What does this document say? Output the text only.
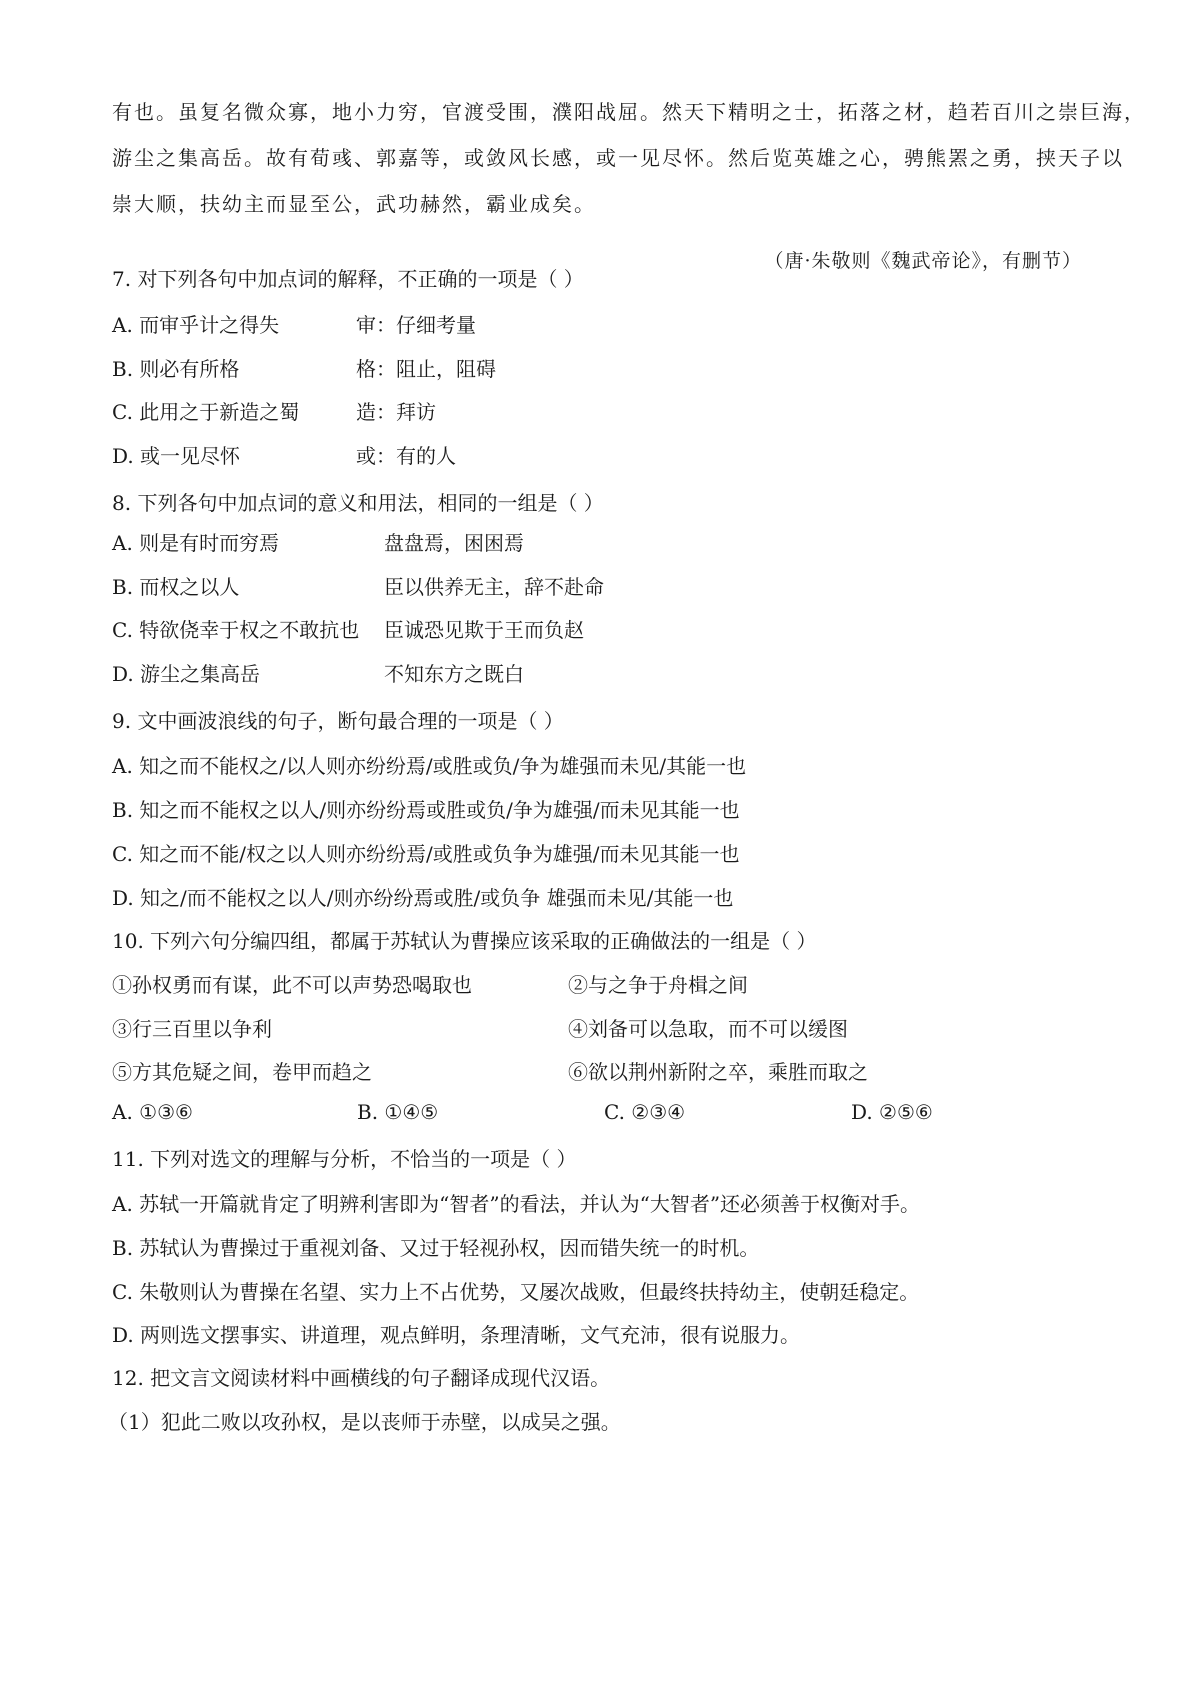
有也。虽复名微众寡，地小力穷，官渡受围，濮阳战屈。然天下精明之士，拓落之材，趋若百川之崇巨海，
游尘之集高岳。故有荀彧、郭嘉等，或敛风长感，或一见尽怀。然后览英雄之心，骋熊罴之勇，挟天子以
崇大顺，扶幼主而显至公，武功赫然，霸业成矣。
（唐·朱敬则《魏武帝论》，有删节）
7. 对下列各句中加点词的解释，不正确的一项是（ ）
A. 而审乎计之得失	审：仔细考量
B. 则必有所格	格：阻止，阻碍
C. 此用之于新造之蜀	造：拜访
D. 或一见尽怀	或：有的人
8. 下列各句中加点词的意义和用法，相同的一组是（ ）
A. 则是有时而穷焉	盘盘焉，困困焉
B. 而权之以人	臣以供养无主，辞不赴命
C. 特欲侥幸于权之不敢抗也 臣诚恐见欺于王而负赵
D. 游尘之集高岳	不知东方之既白
9. 文中画波浪线的句子，断句最合理的一项是（ ）
A. 知之而不能权之/以人则亦纷纷焉/或胜或负/争为雄强而未见/其能一也
B. 知之而不能权之以人/则亦纷纷焉或胜或负/争为雄强/而未见其能一也
C. 知之而不能/权之以人则亦纷纷焉/或胜或负争为雄强/而未见其能一也
D. 知之/而不能权之以人/则亦纷纷焉或胜/或负争 雄强而未见/其能一也
10. 下列六句分编四组，都属于苏轼认为曹操应该采取的正确做法的一组是（ ）
①孙权勇而有谋，此不可以声势恐喝取也	②与之争于舟楫之间
③行三百里以争利	④刘备可以急取，而不可以缓图
⑤方其危疑之间，卷甲而趋之	⑥欲以荆州新附之卒，乘胜而取之
A. ①③⑥	B. ①④⑤	C. ②③④	D. ②⑤⑥
11. 下列对选文的理解与分析，不恰当的一项是（ ）
A. 苏轼一开篇就肯定了明辨利害即为“智者”的看法，并认为“大智者”还必须善于权衡对手。
B. 苏轼认为曹操过于重视刘备、又过于轻视孙权，因而错失统一的时机。
C. 朱敬则认为曹操在名望、实力上不占优势，又屡次战败，但最终扶持幼主，使朝廷稳定。
D. 两则选文摆事实、讲道理，观点鲜明，条理清晰，文气充沛，很有说服力。
12. 把文言文阅读材料中画横线的句子翻译成现代汉语。
（1）犯此二败以攻孙权，是以丧师于赤壁，以成吴之强。
